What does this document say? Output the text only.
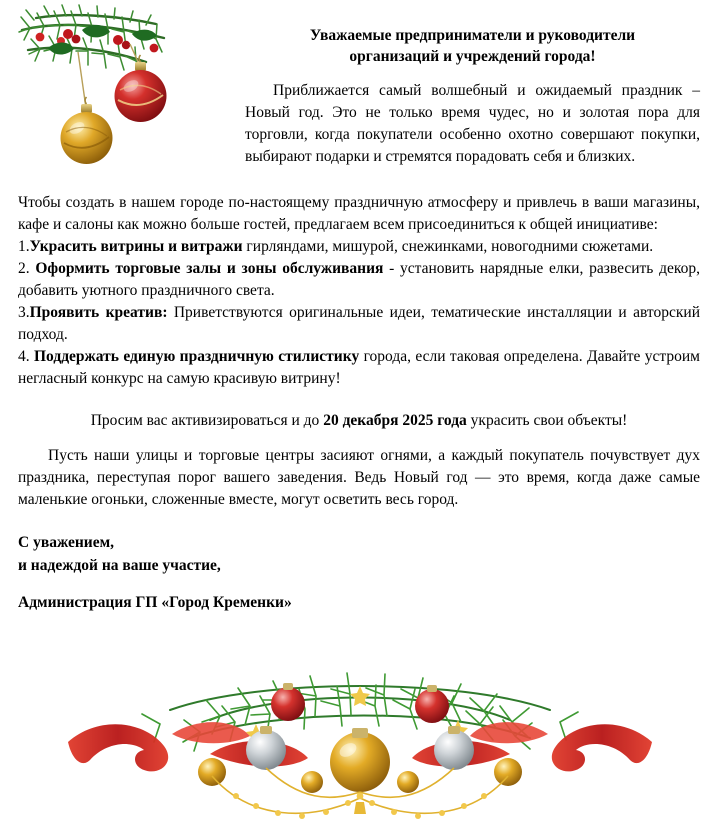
Уважаемые предприниматели и руководители
организаций и учреждений города!
Приближается самый волшебный и ожидаемый праздник – Новый год. Это не только время чудес, но и золотая пора для торговли, когда покупатели особенно охотно совершают покупки, выбирают подарки и стремятся порадовать себя и близких.

Чтобы создать в нашем городе по-настоящему праздничную атмосферу и привлечь в ваши магазины, кафе и салоны как можно больше гостей, предлагаем всем присоединиться к общей инициативе:

1.Украсить витрины и витражи гирляндами, мишурой, снежинками, новогодними сюжетами.

2. Оформить торговые залы и зоны обслуживания - установить нарядные елки, развесить декор, добавить уютного праздничного света.

3.Проявить креатив: Приветствуются оригинальные идеи, тематические инсталляции и авторский подход.

4. Поддержать единую праздничную стилистику города, если таковая определена. Давайте устроим негласный конкурс на самую красивую витрину!

Просим вас активизироваться и до 20 декабря 2025 года украсить свои объекты!

Пусть наши улицы и торговые центры засияют огнями, а каждый покупатель почувствует дух праздника, переступая порог вашего заведения. Ведь Новый год — это время, когда даже самые маленькие огоньки, сложенные вместе, могут осветить весь город.

С уважением,
и надеждой на ваше участие,
Администрация ГП «Город Кременки»
